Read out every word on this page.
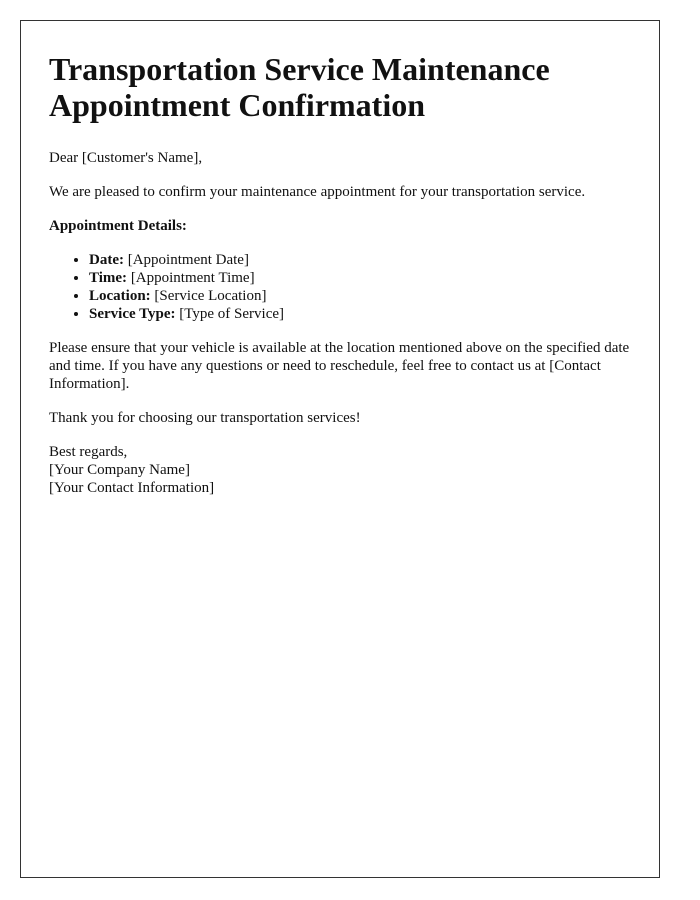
Transportation Service Maintenance Appointment Confirmation

Dear [Customer's Name],

We are pleased to confirm your maintenance appointment for your transportation service.

Appointment Details:

• Date: [Appointment Date]
• Time: [Appointment Time]
• Location: [Service Location]
• Service Type: [Type of Service]

Please ensure that your vehicle is available at the location mentioned above on the specified date and time. If you have any questions or need to reschedule, feel free to contact us at [Contact Information].

Thank you for choosing our transportation services!

Best regards,
[Your Company Name]
[Your Contact Information]
